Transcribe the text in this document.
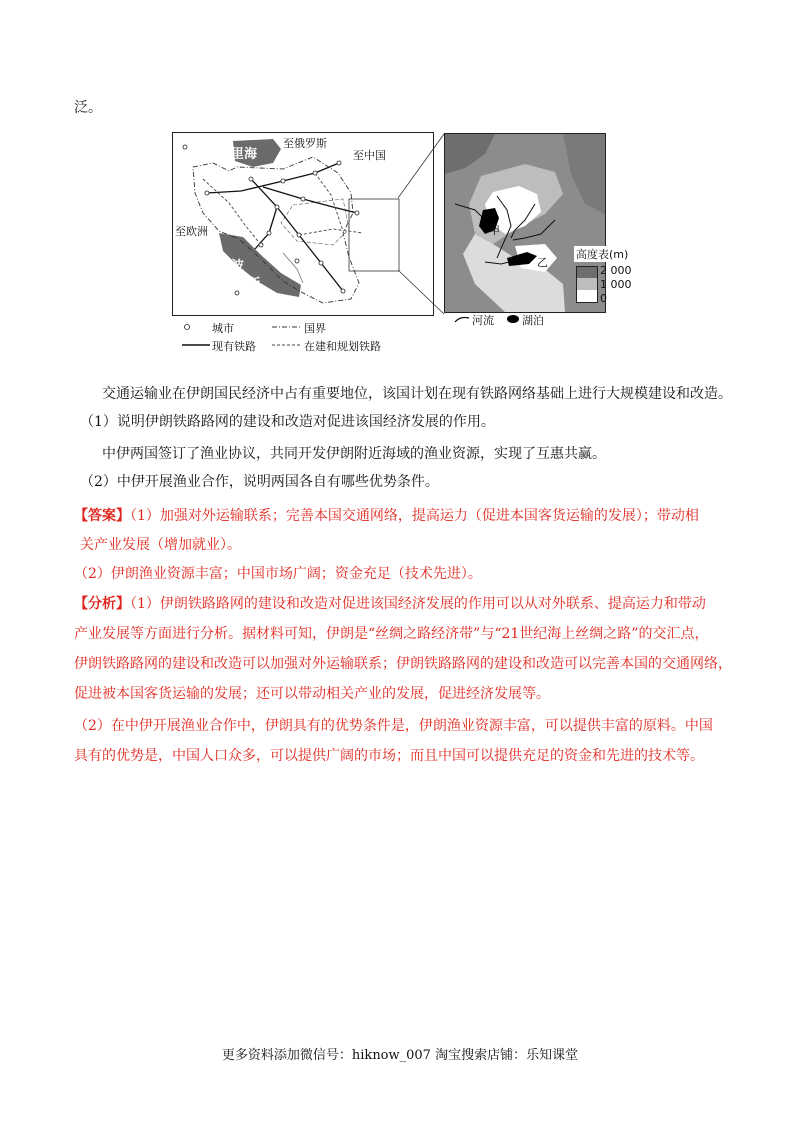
泛。
里海
至俄罗斯
至中国
至欧洲
波
斯
湾
甲
乙
高度表(m)
2 000
1 000
0
河流	湖泊
城市	国界
现有铁路	在建和规划铁路
交通运输业在伊朗国民经济中占有重要地位，该国计划在现有铁路网络基础上进行大规模建设和改造。
（1）说明伊朗铁路路网的建设和改造对促进该国经济发展的作用。
中伊两国签订了渔业协议，共同开发伊朗附近海域的渔业资源，实现了互惠共赢。
（2）中伊开展渔业合作，说明两国各自有哪些优势条件。
【答案】（1）加强对外运输联系；完善本国交通网络，提高运力（促进本国客货运输的发展）；带动相
关产业发展（增加就业）。
（2）伊朗渔业资源丰富；中国市场广阔；资金充足（技术先进）。
【分析】（1）伊朗铁路路网的建设和改造对促进该国经济发展的作用可以从对外联系、提高运力和带动
产业发展等方面进行分析。据材料可知，伊朗是“丝绸之路经济带”与“21世纪海上丝绸之路”的交汇点，
伊朗铁路路网的建设和改造可以加强对外运输联系；伊朗铁路路网的建设和改造可以完善本国的交通网络，
促进被本国客货运输的发展；还可以带动相关产业的发展，促进经济发展等。
（2）在中伊开展渔业合作中，伊朗具有的优势条件是，伊朗渔业资源丰富，可以提供丰富的原料。中国
具有的优势是，中国人口众多，可以提供广阔的市场；而且中国可以提供充足的资金和先进的技术等。
更多资料添加微信号：hiknow_007 淘宝搜索店铺：乐知课堂
